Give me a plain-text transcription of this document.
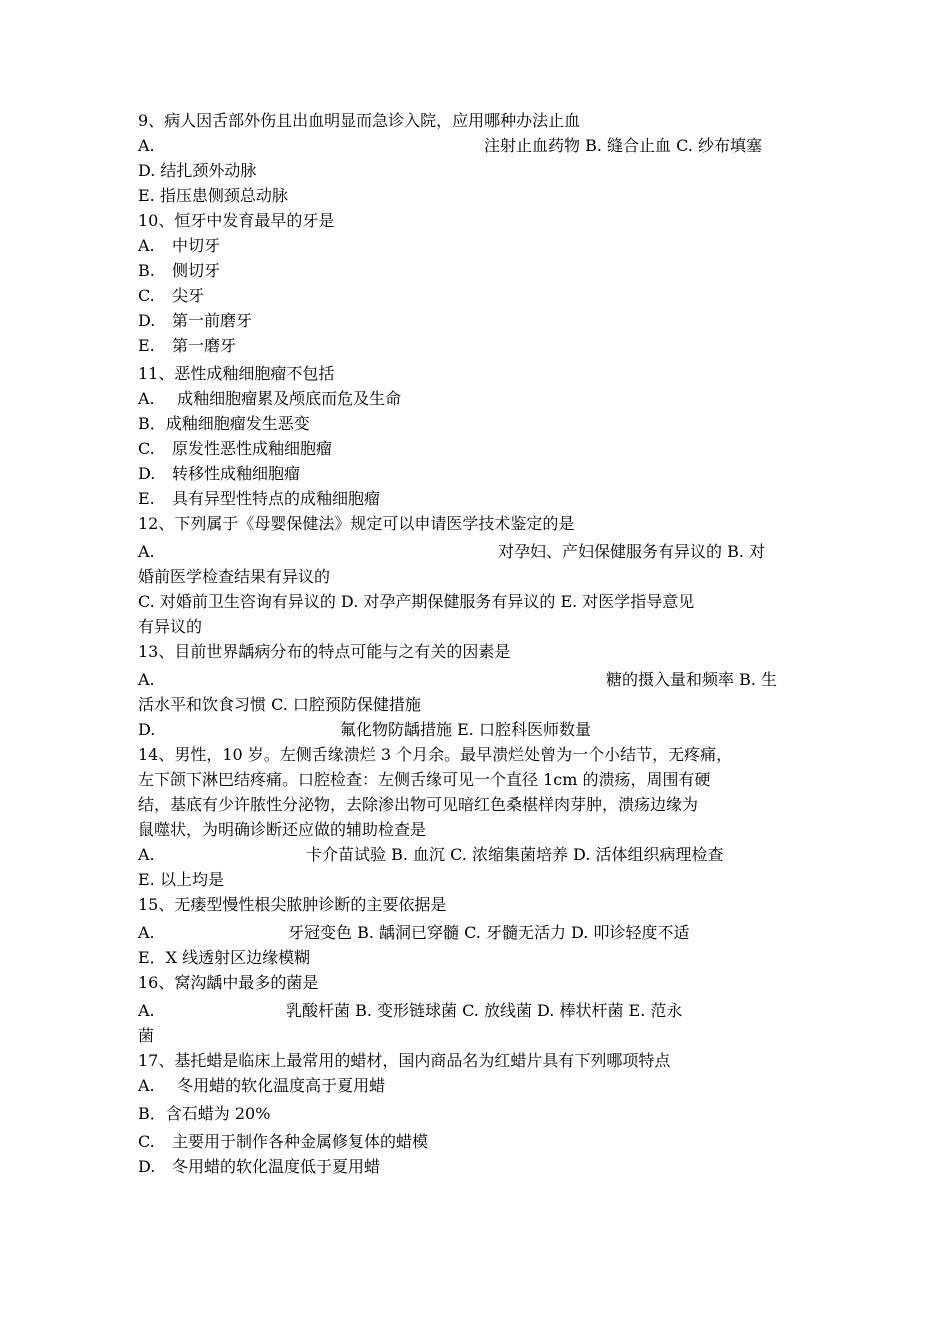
9、病人因舌部外伤且出血明显而急诊入院，应用哪种办法止血
A.	注射止血药物 B. 缝合止血 C. 纱布填塞
D. 结扎颈外动脉
E. 指压患侧颈总动脉
10、恒牙中发育最早的牙是
A. 中切牙
B. 侧切牙
C. 尖牙
D. 第一前磨牙
E. 第一磨牙
11、恶性成釉细胞瘤不包括
A. 成釉细胞瘤累及颅底而危及生命
B．成釉细胞瘤发生恶变
C. 原发性恶性成釉细胞瘤
D. 转移性成釉细胞瘤
E. 具有异型性特点的成釉细胞瘤
12、下列属于《母婴保健法》规定可以申请医学技术鉴定的是
A.	对孕妇、产妇保健服务有异议的 B. 对
婚前医学检查结果有异议的
C. 对婚前卫生咨询有异议的 D. 对孕产期保健服务有异议的 E. 对医学指导意见
有异议的
13、目前世界龋病分布的特点可能与之有关的因素是
A.	糖的摄入量和频率 B. 生
活水平和饮食习惯 C. 口腔预防保健措施
D.	氟化物防龋措施 E. 口腔科医师数量
14、男性，10 岁。左侧舌缘溃烂 3 个月余。最早溃烂处曾为一个小结节，无疼痛，
左下颌下淋巴结疼痛。口腔检查：左侧舌缘可见一个直径 1cm 的溃疡，周围有硬
结，基底有少许脓性分泌物，去除渗出物可见暗红色桑椹样肉芽肿，溃疡边缘为
鼠噬状，为明确诊断还应做的辅助检查是
A.	卡介苗试验 B. 血沉 C. 浓缩集菌培养 D. 活体组织病理检查
E. 以上均是
15、无瘘型慢性根尖脓肿诊断的主要依据是
A.	牙冠变色 B. 龋洞已穿髓 C. 牙髓无活力 D. 叩诊轻度不适
E．X 线透射区边缘模糊
16、窝沟龋中最多的菌是
A.	乳酸杆菌 B. 变形链球菌 C. 放线菌 D. 棒状杆菌 E. 范永
菌
17、基托蜡是临床上最常用的蜡材，国内商品名为红蜡片具有下列哪项特点
A. 冬用蜡的软化温度高于夏用蜡
B．含石蜡为 20%
C. 主要用于制作各种金属修复体的蜡模
D. 冬用蜡的软化温度低于夏用蜡
